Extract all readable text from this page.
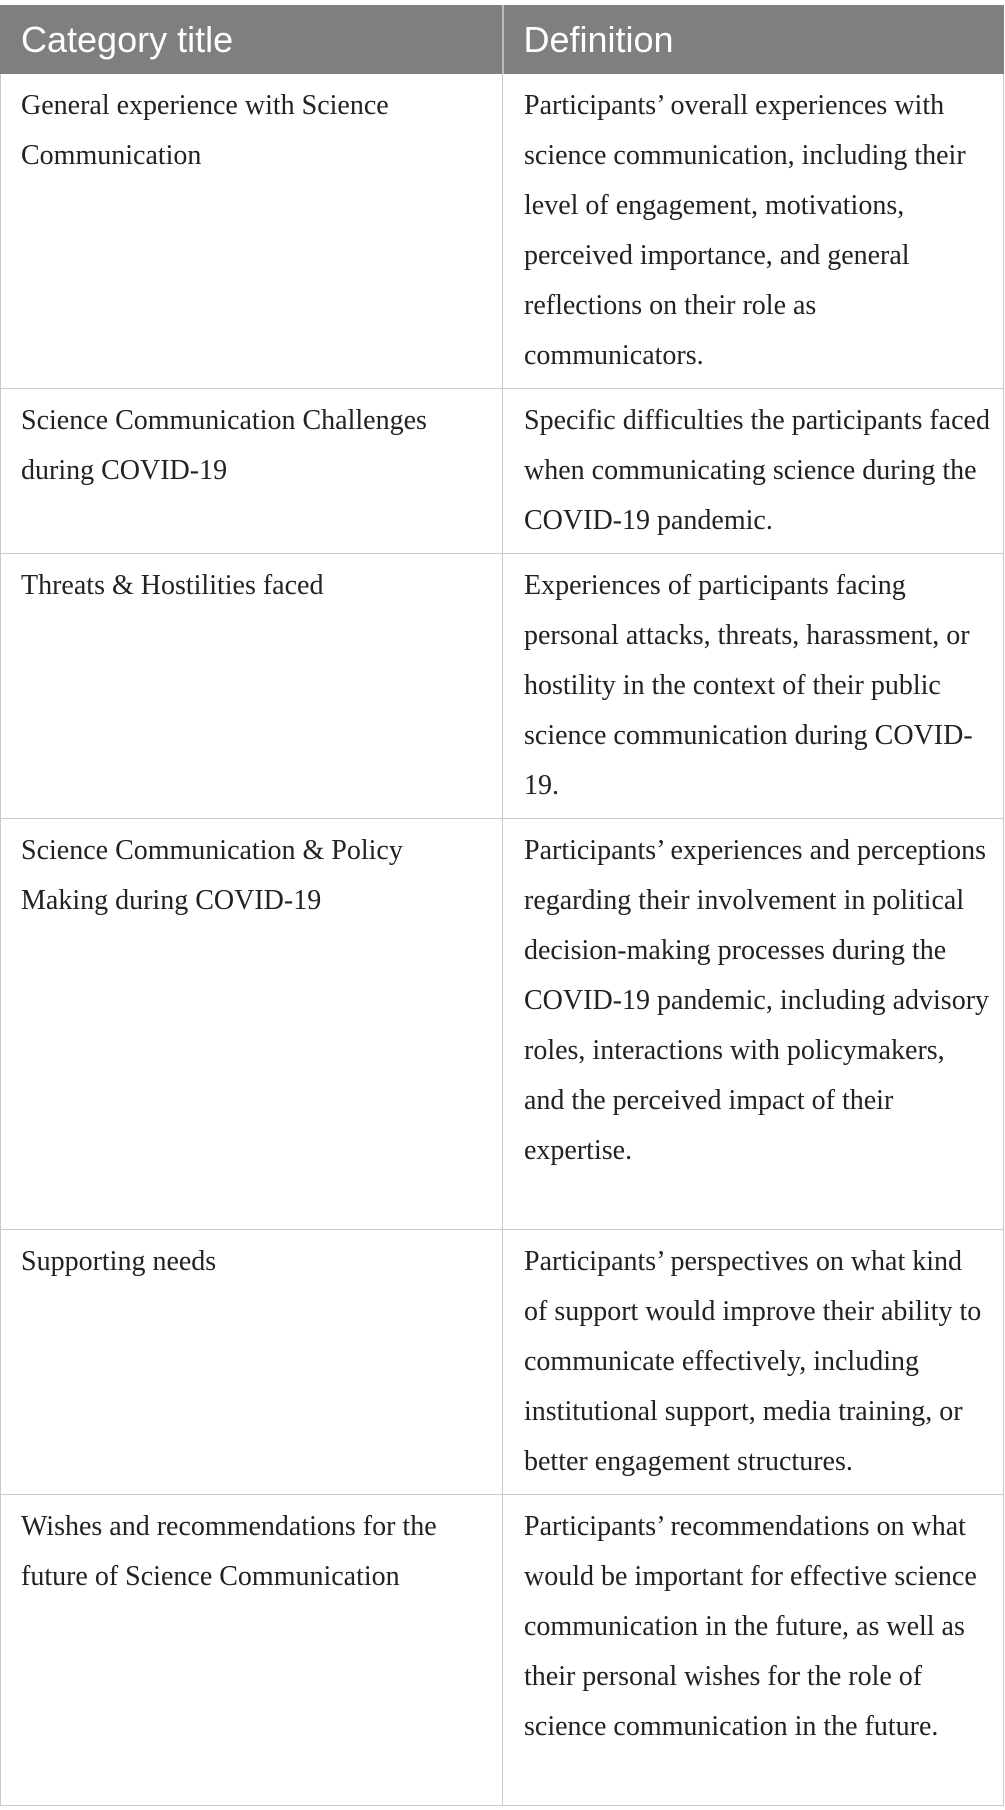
Category title	Definition
General experience with Science Communication	Participants’ overall experiences with science communication, including their level of engagement, motivations, perceived importance, and general reflections on their role as communicators.
Science Communication Challenges during COVID-19	Specific difficulties the participants faced when communicating science during the COVID-19 pandemic.
Threats & Hostilities faced	Experiences of participants facing personal attacks, threats, harassment, or hostility in the context of their public science communication during COVID-19.
Science Communication & Policy Making during COVID-19	Participants’ experiences and perceptions regarding their involvement in political decision-making processes during the COVID-19 pandemic, including advisory roles, interactions with policymakers, and the perceived impact of their expertise.
Supporting needs	Participants’ perspectives on what kind of support would improve their ability to communicate effectively, including institutional support, media training, or better engagement structures.
Wishes and recommendations for the future of Science Communication	Participants’ recommendations on what would be important for effective science communication in the future, as well as their personal wishes for the role of science communication in the future.
